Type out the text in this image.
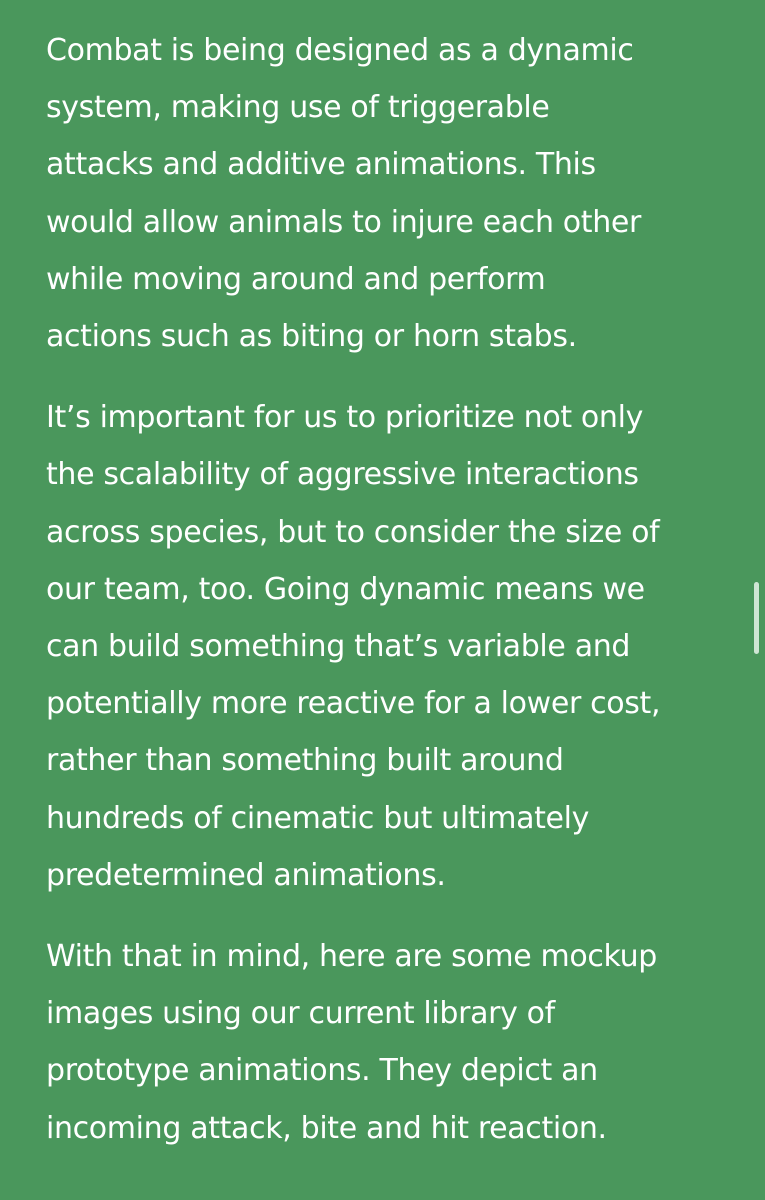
Combat is being designed as a dynamic
system, making use of triggerable
attacks and additive animations. This
would allow animals to injure each other
while moving around and perform
actions such as biting or horn stabs.

It’s important for us to prioritize not only
the scalability of aggressive interactions
across species, but to consider the size of
our team, too. Going dynamic means we
can build something that’s variable and
potentially more reactive for a lower cost,
rather than something built around
hundreds of cinematic but ultimately
predetermined animations.

With that in mind, here are some mockup
images using our current library of
prototype animations. They depict an
incoming attack, bite and hit reaction.
